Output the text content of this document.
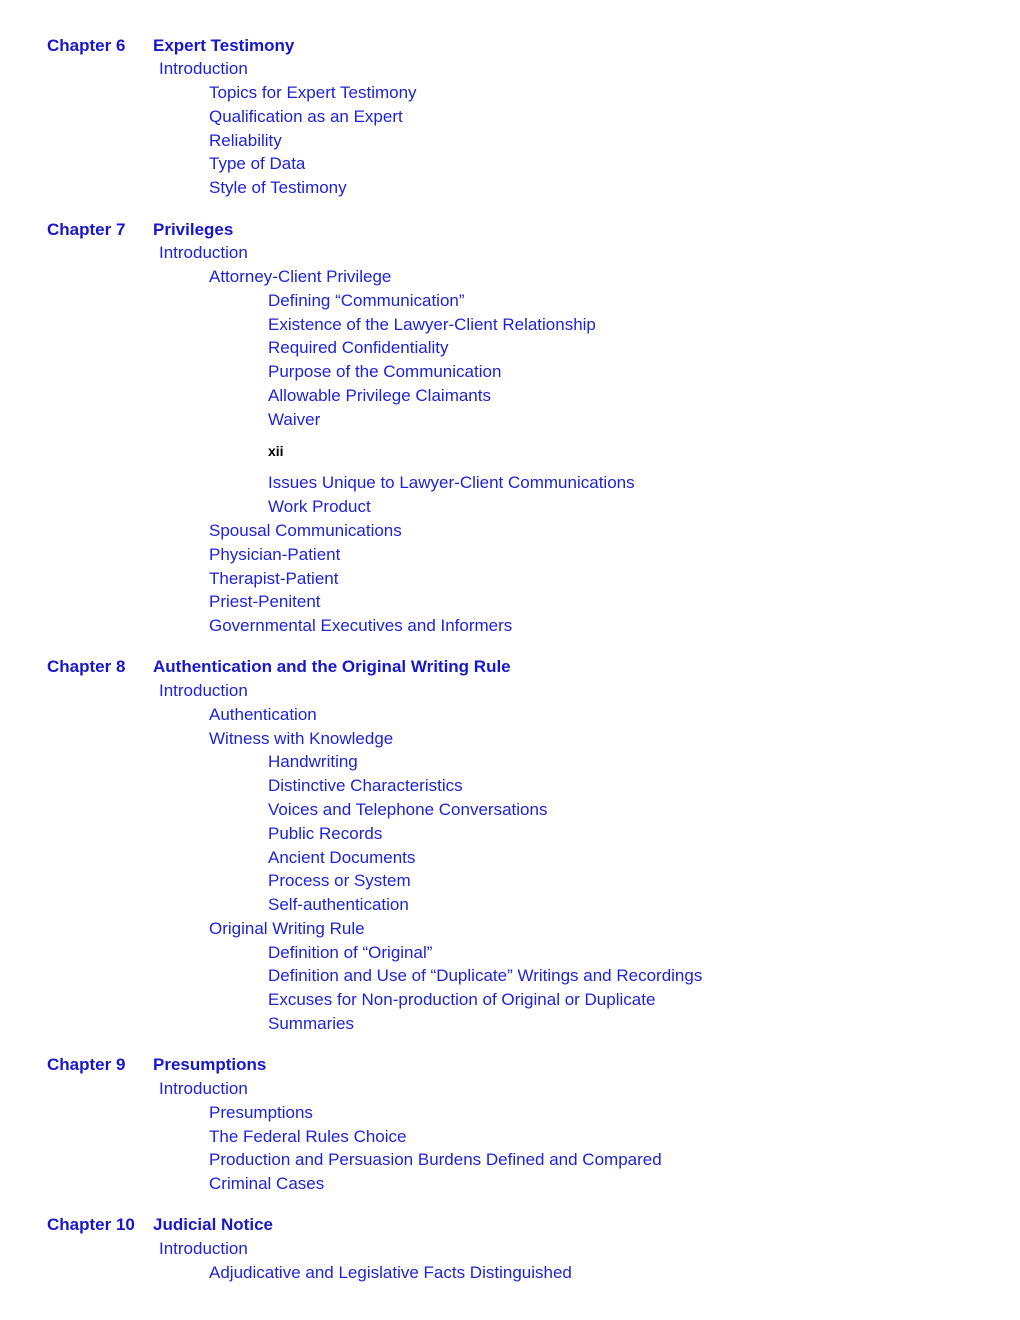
Chapter 6 Expert Testimony
Introduction
Topics for Expert Testimony
Qualification as an Expert
Reliability
Type of Data
Style of Testimony
Chapter 7 Privileges
Introduction
Attorney-Client Privilege
Defining “Communication”
Existence of the Lawyer-Client Relationship
Required Confidentiality
Purpose of the Communication
Allowable Privilege Claimants
Waiver
xii
Issues Unique to Lawyer-Client Communications
Work Product
Spousal Communications
Physician-Patient
Therapist-Patient
Priest-Penitent
Governmental Executives and Informers
Chapter 8 Authentication and the Original Writing Rule
Introduction
Authentication
Witness with Knowledge
Handwriting
Distinctive Characteristics
Voices and Telephone Conversations
Public Records
Ancient Documents
Process or System
Self-authentication
Original Writing Rule
Definition of “Original”
Definition and Use of “Duplicate” Writings and Recordings
Excuses for Non-production of Original or Duplicate
Summaries
Chapter 9 Presumptions
Introduction
Presumptions
The Federal Rules Choice
Production and Persuasion Burdens Defined and Compared
Criminal Cases
Chapter 10 Judicial Notice
Introduction
Adjudicative and Legislative Facts Distinguished
